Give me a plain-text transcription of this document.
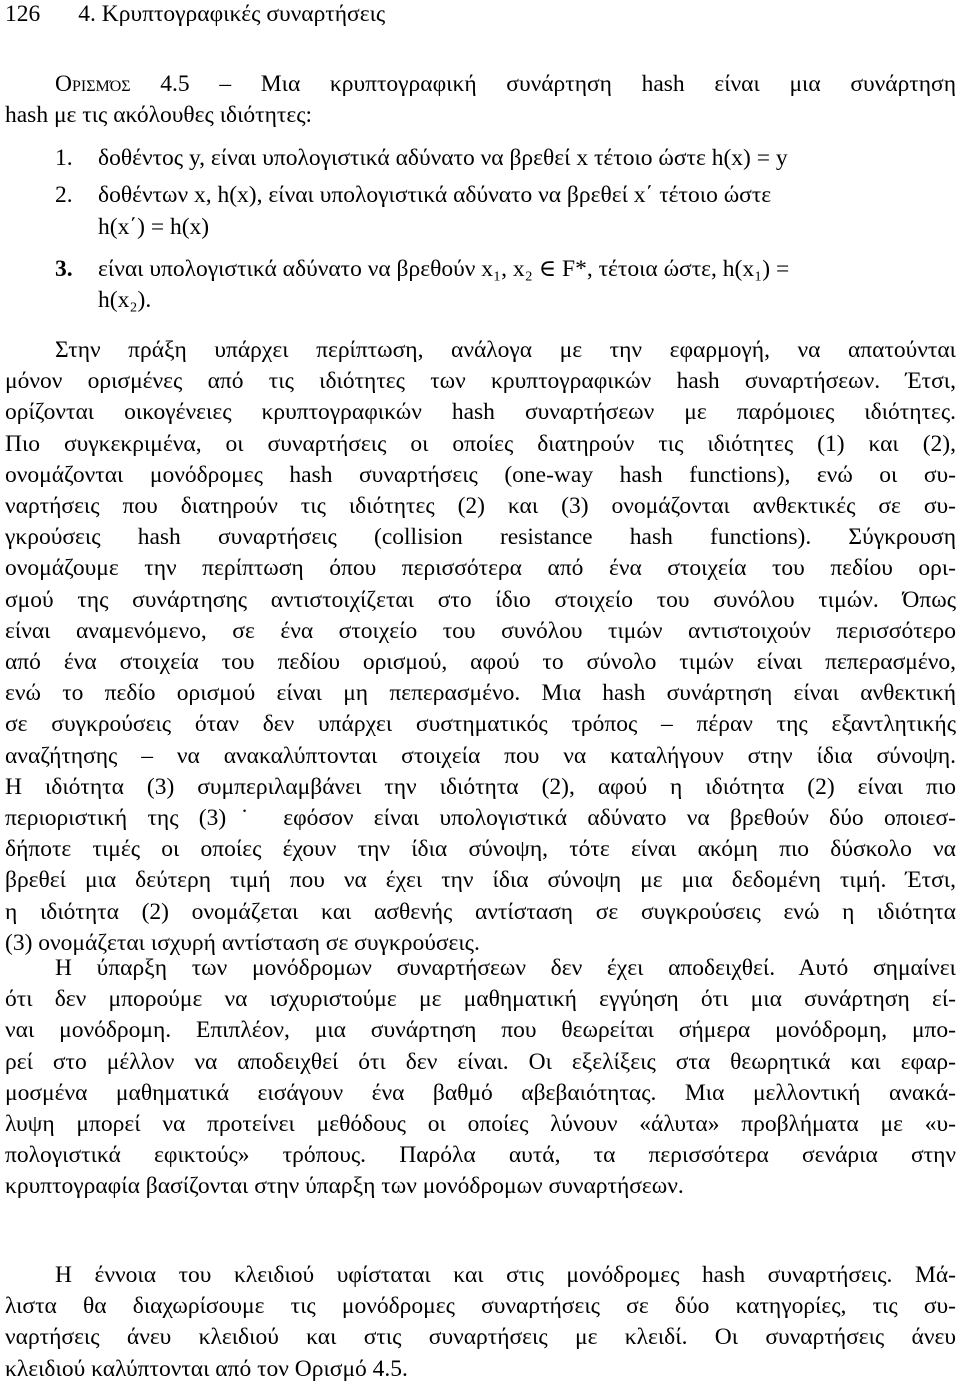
126 4. Κρυπτογραφικές συναρτήσεις
Ορισμός 4.5 – Μια κρυπτογραφική συνάρτηση hash είναι μια συνάρτηση
hash με τις ακόλουθες ιδιότητες:
1. δοθέντος y, είναι υπολογιστικά αδύνατο να βρεθεί x τέτοιο ώστε h(x) = y
2. δοθέντων x, h(x), είναι υπολογιστικά αδύνατο να βρεθεί x΄ τέτοιο ώστε
h(x΄) = h(x)
3. είναι υπολογιστικά αδύνατο να βρεθούν x₁, x₂ ∈ F*, τέτοια ώστε, h(x₁) =
h(x₂).
Στην πράξη υπάρχει περίπτωση, ανάλογα με την εφαρμογή, να απατούνται
μόνον ορισμένες από τις ιδιότητες των κρυπτογραφικών hash συναρτήσεων. Έτσι,
ορίζονται οικογένειες κρυπτογραφικών hash συναρτήσεων με παρόμοιες ιδιότητες.
Πιο συγκεκριμένα, οι συναρτήσεις οι οποίες διατηρούν τις ιδιότητες (1) και (2),
ονομάζονται μονόδρομες hash συναρτήσεις (one-way hash functions), ενώ οι συ-
ναρτήσεις που διατηρούν τις ιδιότητες (2) και (3) ονομάζονται ανθεκτικές σε συ-
γκρούσεις hash συναρτήσεις (collision resistance hash functions). Σύγκρουση
ονομάζουμε την περίπτωση όπου περισσότερα από ένα στοιχεία του πεδίου ορι-
σμού της συνάρτησης αντιστοιχίζεται στο ίδιο στοιχείο του συνόλου τιμών. Όπως
είναι αναμενόμενο, σε ένα στοιχείο του συνόλου τιμών αντιστοιχούν περισσότερο
από ένα στοιχεία του πεδίου ορισμού, αφού το σύνολο τιμών είναι πεπερασμένο,
ενώ το πεδίο ορισμού είναι μη πεπερασμένο. Μια hash συνάρτηση είναι ανθεκτική
σε συγκρούσεις όταν δεν υπάρχει συστηματικός τρόπος – πέραν της εξαντλητικής
αναζήτησης – να ανακαλύπτονται στοιχεία που να καταλήγουν στην ίδια σύνοψη.
Η ιδιότητα (3) συμπεριλαμβάνει την ιδιότητα (2), αφού η ιδιότητα (2) είναι πιο
περιοριστική της (3)˙ εφόσον είναι υπολογιστικά αδύνατο να βρεθούν δύο οποιεσ-
δήποτε τιμές οι οποίες έχουν την ίδια σύνοψη, τότε είναι ακόμη πιο δύσκολο να
βρεθεί μια δεύτερη τιμή που να έχει την ίδια σύνοψη με μια δεδομένη τιμή. Έτσι,
η ιδιότητα (2) ονομάζεται και ασθενής αντίσταση σε συγκρούσεις ενώ η ιδιότητα
(3) ονομάζεται ισχυρή αντίσταση σε συγκρούσεις.
Η ύπαρξη των μονόδρομων συναρτήσεων δεν έχει αποδειχθεί. Αυτό σημαίνει
ότι δεν μπορούμε να ισχυριστούμε με μαθηματική εγγύηση ότι μια συνάρτηση εί-
ναι μονόδρομη. Επιπλέον, μια συνάρτηση που θεωρείται σήμερα μονόδρομη, μπο-
ρεί στο μέλλον να αποδειχθεί ότι δεν είναι. Οι εξελίξεις στα θεωρητικά και εφαρ-
μοσμένα μαθηματικά εισάγουν ένα βαθμό αβεβαιότητας. Μια μελλοντική ανακά-
λυψη μπορεί να προτείνει μεθόδους οι οποίες λύνουν «άλυτα» προβλήματα με «υ-
πολογιστικά εφικτούς» τρόπους. Παρόλα αυτά, τα περισσότερα σενάρια στην
κρυπτογραφία βασίζονται στην ύπαρξη των μονόδρομων συναρτήσεων.
Η έννοια του κλειδιού υφίσταται και στις μονόδρομες hash συναρτήσεις. Μά-
λιστα θα διαχωρίσουμε τις μονόδρομες συναρτήσεις σε δύο κατηγορίες, τις συ-
ναρτήσεις άνευ κλειδιού και στις συναρτήσεις με κλειδί. Οι συναρτήσεις άνευ
κλειδιού καλύπτονται από τον Ορισμό 4.5.
